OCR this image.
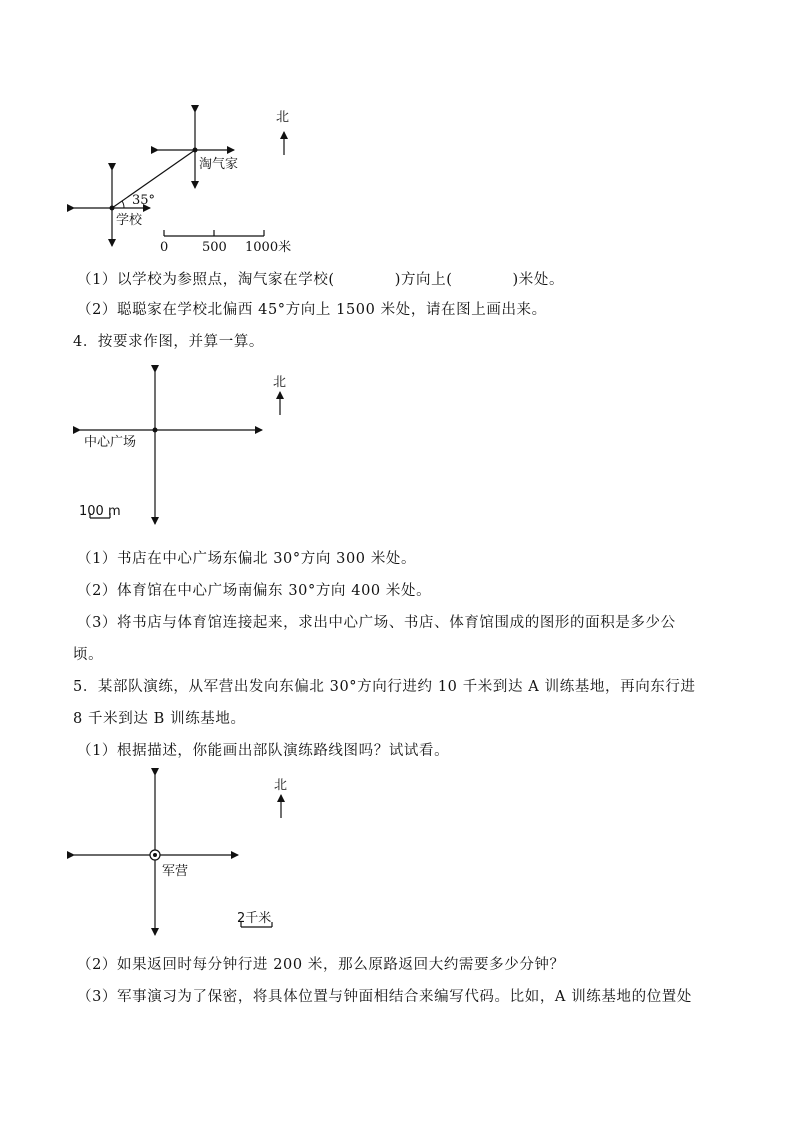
北
淘气家
学校
35°
0	500 1000米
（1）以学校为参照点，淘气家在学校(	)方向上(	)米处。
（2）聪聪家在学校北偏西 45°方向上 1500 米处，请在图上画出来。
4．按要求作图，并算一算。
北
中心广场
100 m
（1）书店在中心广场东偏北 30°方向 300 米处。
（2）体育馆在中心广场南偏东 30°方向 400 米处。
（3）将书店与体育馆连接起来，求出中心广场、书店、体育馆围成的图形的面积是多少公
顷。
5．某部队演练，从军营出发向东偏北 30°方向行进约 10 千米到达 A 训练基地，再向东行进
8 千米到达 B 训练基地。
（1）根据描述，你能画出部队演练路线图吗？试试看。
北
军营
2千米
（2）如果返回时每分钟行进 200 米，那么原路返回大约需要多少分钟？
（3）军事演习为了保密，将具体位置与钟面相结合来编写代码。比如，A 训练基地的位置处
